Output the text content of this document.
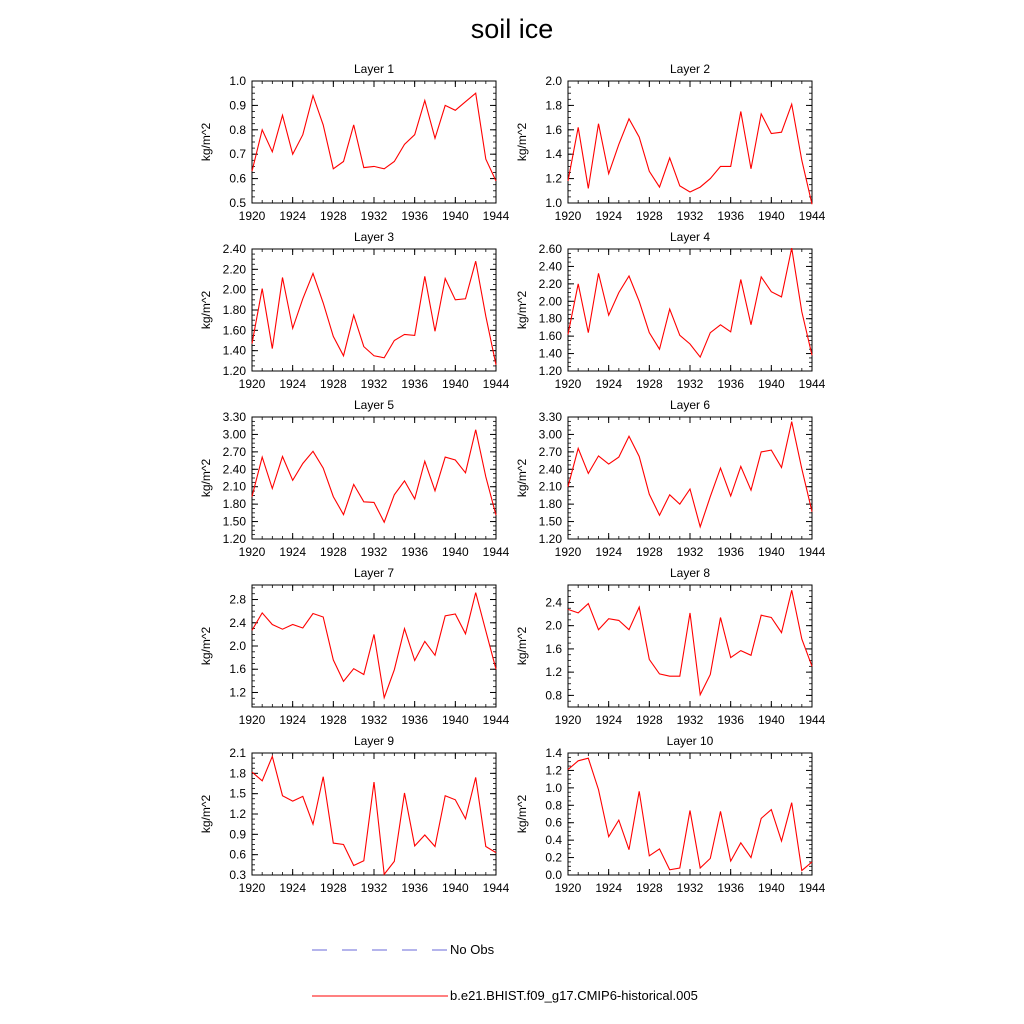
soil ice
1920 1924 1928 1932 1936 1940 1944
0.5
0.6
0.7
0.8
0.9
1.0
Layer 1
kg/m^2
1920 1924 1928 1932 1936 1940 1944
1.0
1.2
1.4
1.6
1.8
2.0
Layer 2
kg/m^2
1920 1924 1928 1932 1936 1940 1944
1.20
1.40
1.60
1.80
2.00
2.20
2.40
Layer 3
kg/m^2
1920 1924 1928 1932 1936 1940 1944
1.20
1.40
1.60
1.80
2.00
2.20
2.40
2.60
Layer 4
kg/m^2
1920 1924 1928 1932 1936 1940 1944
1.20
1.50
1.80
2.10
2.40
2.70
3.00
3.30
Layer 5
kg/m^2
1920 1924 1928 1932 1936 1940 1944
1.20
1.50
1.80
2.10
2.40
2.70
3.00
3.30
Layer 6
kg/m^2
1920 1924 1928 1932 1936 1940 1944
1.2
1.6
2.0
2.4
2.8
Layer 7
kg/m^2
1920 1924 1928 1932 1936 1940 1944
0.8
1.2
1.6
2.0
2.4
Layer 8
kg/m^2
1920 1924 1928 1932 1936 1940 1944
0.3
0.6
0.9
1.2
1.5
1.8
2.1
Layer 9
kg/m^2
1920 1924 1928 1932 1936 1940 1944
0.0
0.2
0.4
0.6
0.8
1.0
1.2
1.4
Layer 10
kg/m^2
No Obs
b.e21.BHIST.f09_g17.CMIP6-historical.005
